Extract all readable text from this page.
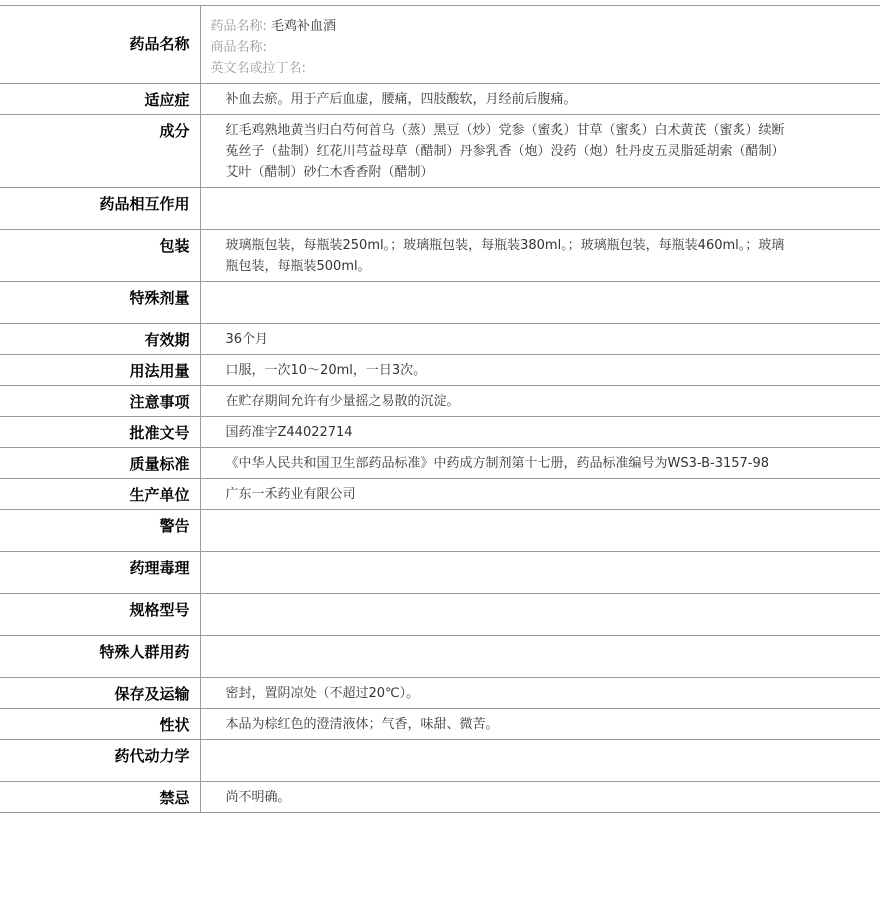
药品名称	药品名称: 毛鸡补血酒
商品名称:
英文名或拉丁名:

适应症	补血去瘀。用于产后血虚，腰痛，四肢酸软，月经前后腹痛。
成分	红毛鸡熟地黄当归白芍何首乌（蒸）黑豆（炒）党参（蜜炙）甘草（蜜炙）白术黄芪（蜜炙）续断菟丝子（盐制）红花川芎益母草（醋制）丹参乳香（炮）没药（炮）牡丹皮五灵脂延胡索（醋制）艾叶（醋制）砂仁木香香附（醋制）
药品相互作用	
包装	玻璃瓶包装，每瓶装250ml。；玻璃瓶包装，每瓶装380ml。；玻璃瓶包装，每瓶装460ml。；玻璃瓶包装，每瓶装500ml。
特殊剂量	
有效期	36个月
用法用量	口服，一次10～20ml，一日3次。
注意事项	在贮存期间允许有少量摇之易散的沉淀。
批准文号	国药准字Z44022714
质量标准	《中华人民共和国卫生部药品标准》中药成方制剂第十七册，药品标准编号为WS3-B-3157-98
生产单位	广东一禾药业有限公司
警告	
药理毒理	
规格型号	
特殊人群用药	
保存及运输	密封，置阴凉处（不超过20℃）。
性状	本品为棕红色的澄清液体；气香，味甜、微苦。
药代动力学	
禁忌	尚不明确。
